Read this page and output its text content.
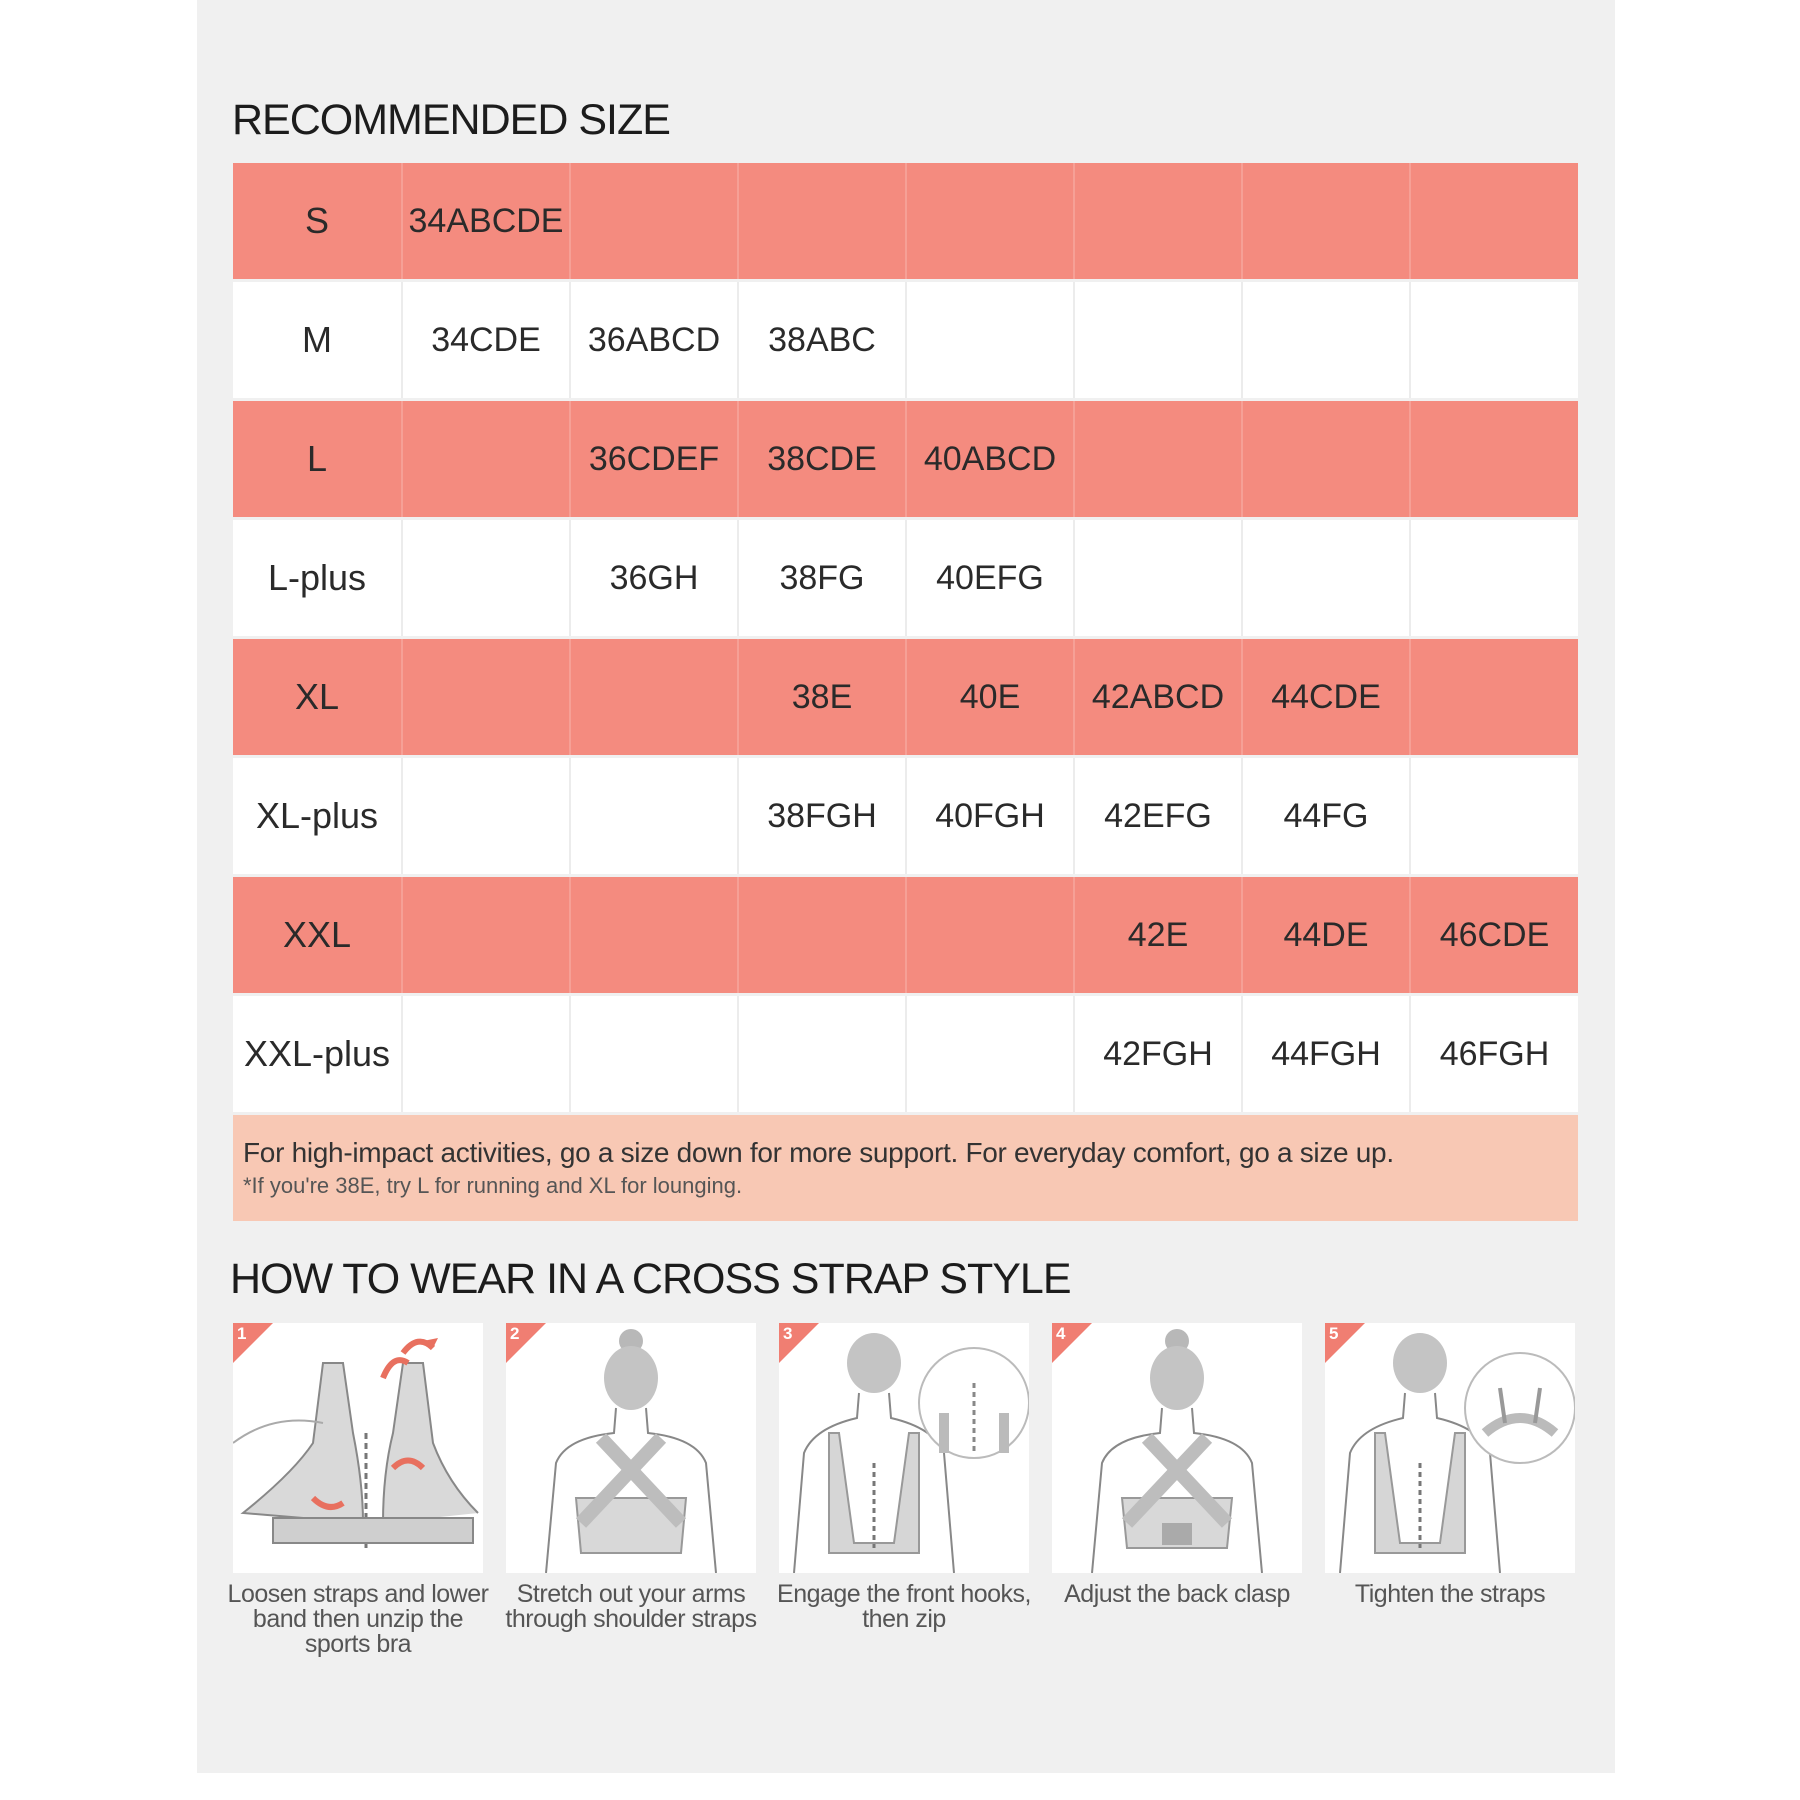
RECOMMENDED SIZE
S	34ABCDE						

M	34CDE	36ABCD	38ABC				

L		36CDEF	38CDE	40ABCD			

L-plus		36GH	38FG	40EFG			

XL			38E	40E	42ABCD	44CDE	

XL-plus			38FGH	40FGH	42EFG	44FG	

XXL					42E	44DE	46CDE

XXL-plus					42FGH	44FGH	46FGH
For high-impact activities, go a size down for more support. For everyday comfort, go a size up.
*If you're 38E, try L for running and XL for lounging.
HOW TO WEAR IN A CROSS STRAP STYLE
1	2	3	4	5
Loosen straps and lower band then unzip the sports bra
Stretch out your arms through shoulder straps
Engage the front hooks, then zip
Adjust the back clasp	Tighten the straps
